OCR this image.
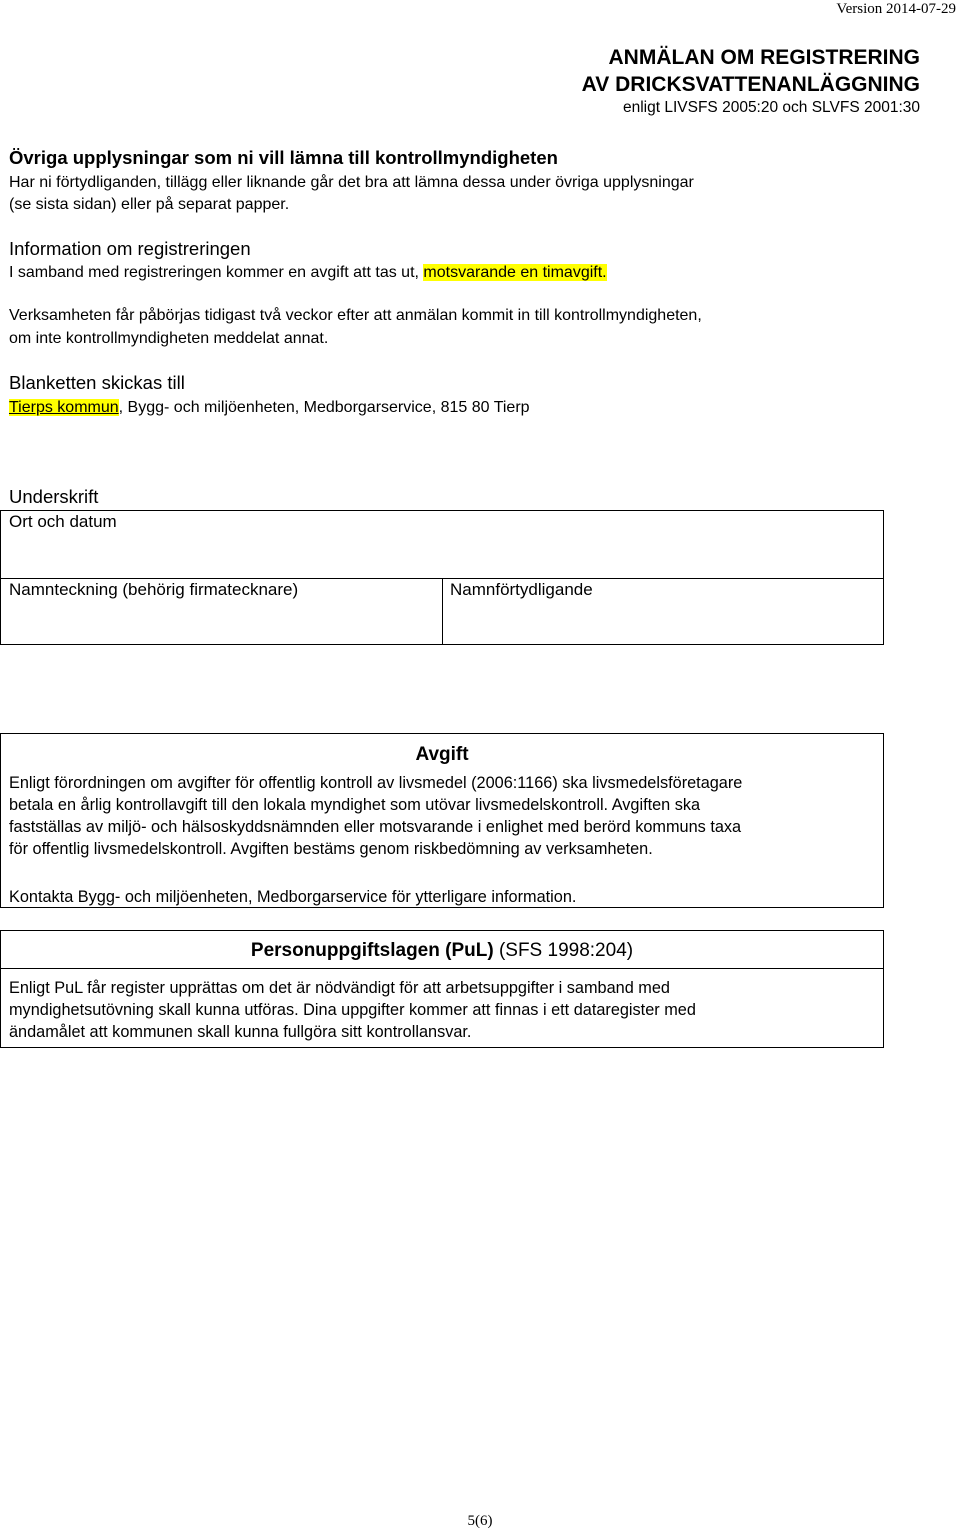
Version 2014-07-29
ANMÄLAN OM REGISTRERING
AV DRICKSVATTENANLÄGGNING
enligt LIVSFS 2005:20 och SLVFS 2001:30
Övriga upplysningar som ni vill lämna till kontrollmyndigheten
Har ni förtydliganden, tillägg eller liknande går det bra att lämna dessa under övriga upplysningar
(se sista sidan) eller på separat papper.
Information om registreringen
I samband med registreringen kommer en avgift att tas ut, motsvarande en timavgift.
Verksamheten får påbörjas tidigast två veckor efter att anmälan kommit in till kontrollmyndigheten,
om inte kontrollmyndigheten meddelat annat.
Blanketten skickas till
Tierps kommun, Bygg- och miljöenheten, Medborgarservice, 815 80 Tierp
Underskrift
Ort och datum
Namnteckning (behörig firmatecknare)	Namnförtydligande
Avgift
Enligt förordningen om avgifter för offentlig kontroll av livsmedel (2006:1166) ska livsmedelsföretagare
betala en årlig kontrollavgift till den lokala myndighet som utövar livsmedelskontroll. Avgiften ska
fastställas av miljö- och hälsoskyddsnämnden eller motsvarande i enlighet med berörd kommuns taxa
för offentlig livsmedelskontroll. Avgiften bestäms genom riskbedömning av verksamheten.
Kontakta Bygg- och miljöenheten, Medborgarservice för ytterligare information.
Personuppgiftslagen (PuL) (SFS 1998:204)
Enligt PuL får register upprättas om det är nödvändigt för att arbetsuppgifter i samband med
myndighetsutövning skall kunna utföras. Dina uppgifter kommer att finnas i ett dataregister med
ändamålet att kommunen skall kunna fullgöra sitt kontrollansvar.
5(6)
